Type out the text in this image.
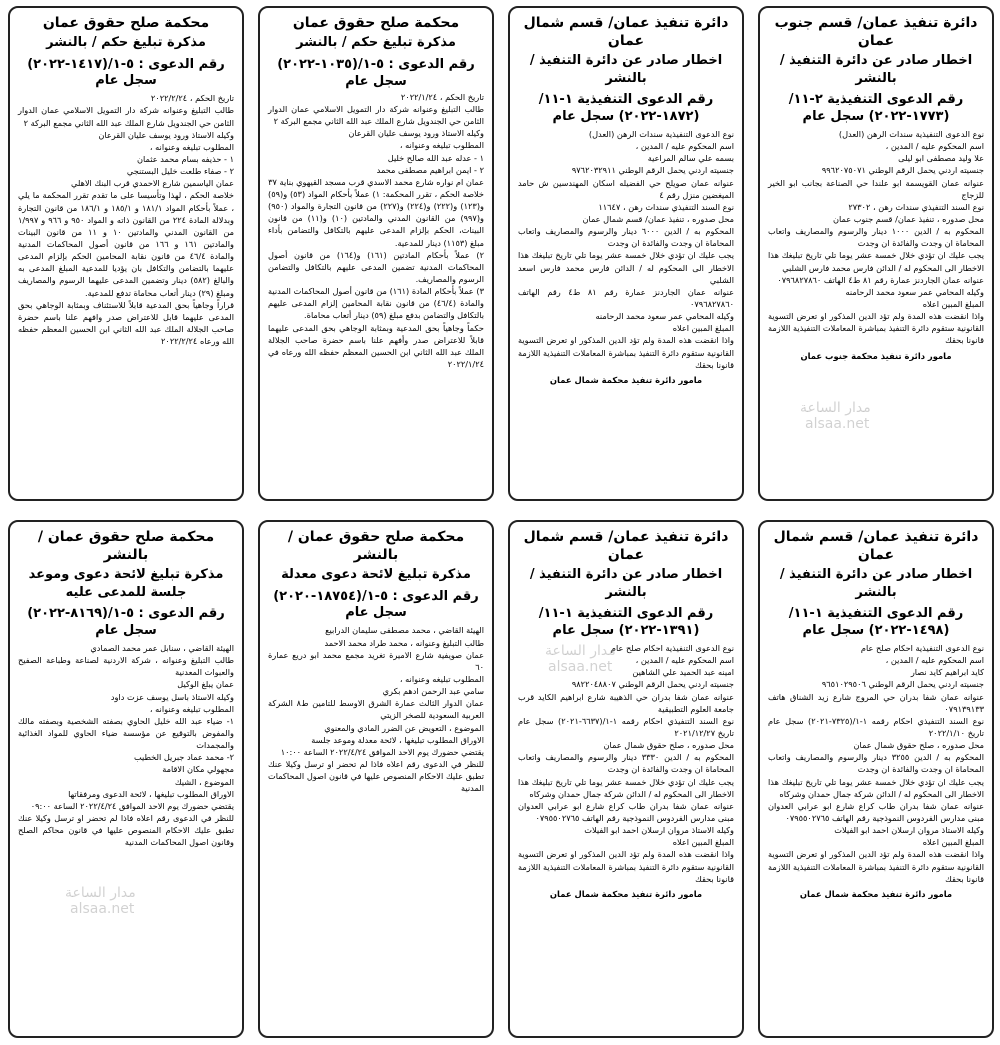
دائرة تنفيذ عمان/ قسم جنوب عمان
اخطار صادر عن دائرة التنفيذ / بالنشر
رقم الدعوى التنفيذية ٢-١١/
(١٧٧٣-٢٠٢٢) سجل عام
نوع الدعوى التنفيذية سندات الرهن (العدل)
اسم المحكوم عليه / المدين ،
علا وليد مصطفى ابو ليلى
جنسيته اردني يحمل الرقم الوطني ٩٩٦٢٠٧٥٠٧١
عنوانه عمان القويسمة ابو علندا حي الصناعة بجانب ابو الخير للزجاج
نوع السند التنفيذي سندات رهن ، ٢٧٣٠٢
محل صدوره ، تنفيذ عمان/ قسم جنوب عمان
المحكوم به / الدين ١٠٠٠ دينار والرسوم والمصاريف واتعاب المحاماة ان وجدت والفائدة ان وجدت
يجب عليك ان تؤدي خلال خمسة عشر يوما تلي تاريخ تبليغك هذا الاخطار الى المحكوم له / الدائن فارس محمد فارس الشلبي
عنوانه عمان الجاردنز عمارة رقم ٨١ ط٤ الهاتف ٠٧٩٦٨٢٧٨٦٠
وكيله المحامي عمر سعود محمد الرحامنه
المبلغ المبين اعلاه
واذا انقضت هذه المدة ولم تؤد الدين المذكور او تعرض التسوية القانونية ستقوم دائرة التنفيذ بمباشرة المعاملات التنفيذية اللازمة قانونا بحقك
مامور دائرة تنفيذ محكمة جنوب عمان
دائرة تنفيذ عمان/ قسم شمال عمان
اخطار صادر عن دائرة التنفيذ / بالنشر
رقم الدعوى التنفيذية ١-١١/
(١٨٧٢-٢٠٢٢) سجل عام
نوع الدعوى التنفيذية سندات الرهن (العدل)
اسم المحكوم عليه / المدين ،
بسمه علي سالم المراعية
جنسيته اردني يحمل الرقم الوطني ٩٧٦٢٠٣٢٩١١
عنوانه عمان صويلح حي الفضيله اسكان المهندسين ش حامد الميغضين منزل رقم ٤
نوع السند التنفيذي سندات رهن ، ١١٦٤٧
محل صدوره ، تنفيذ عمان/ قسم شمال عمان
المحكوم به / الدين ٦٠٠٠ دينار والرسوم والمصاريف واتعاب المحاماة ان وجدت والفائدة ان وجدت
يجب عليك ان تؤدي خلال خمسة عشر يوما تلي تاريخ تبليغك هذا الاخطار الى المحكوم له / الدائن فارس محمد فارس اسعد الشلبي
عنوانه عمان الجاردنز عمارة رقم ٨١ ط٤ رقم الهاتف ٠٧٩٦٨٢٧٨٦٠
وكيله المحامي عمر سعود محمد الرحامنه
المبلغ المبين اعلاه
واذا انقضت هذه المدة ولم تؤد الدين المذكور او تعرض التسوية القانونية ستقوم دائرة التنفيذ بمباشرة المعاملات التنفيذية اللازمة قانونا بحقك
مامور دائرة تنفيذ محكمة شمال عمان
محكمة صلح حقوق عمان
مذكرة تبليغ حكم / بالنشر
رقم الدعوى : ٥-١/(١٠٣٥-٢٠٢٢) سجل عام
تاريخ الحكم ، ٢٠٢٢/١/٢٤
طالب التبليغ وعنوانه شركة دار التمويل الاسلامي عمان الدوار الثامن حي الجندويل شارع الملك عبد الله الثاني مجمع البركة ٢
وكيله الاستاذ ورود يوسف عليان القرعان
المطلوب تبليغه وعنوانه ،
١ - عدله عبد الله صالح خليل
٢ - ايمن ابراهيم مصطفى محمد
عمان ام نواره شارع محمد الاسدي قرب مسجد القيهوي بناية ٣٧
خلاصة الحكم ، تقرر المحكمة: ١) عملاً بأحكام المواد (٥٣) و(٥٩) و(١٢٣) و(٢٢٢) و(٢٢٤) و(٢٢٧) من قانون التجارة والمواد (٩٥٠) و(٩٩٧) من القانون المدني والمادتين (١٠) و(١١) من قانون البينات، الحكم بإلزام المدعى عليهم بالتكافل والتضامن بأداء مبلغ (١١٥٣) دينار للمدعية.
٢) عملاً بأحكام المادتين (١٦١) و(١٦٤) من قانون أصول المحاكمات المدنية تضمين المدعى عليهم بالتكافل والتضامن الرسوم والمصاريف.
٣) عملاً بأحكام المادة (١٦١) من قانون أصول المحاكمات المدنية والمادة (٤٦/٤) من قانون نقابة المحامين إلزام المدعى عليهم بالتكافل والتضامن بدفع مبلغ (٥٩) دينار أتعاب محاماة.
حكماً وجاهياً بحق المدعية وبمثابة الوجاهي بحق المدعى عليهما قابلاً للاعتراض صدر وأفهم علنا باسم حضرة صاحب الجلالة الملك عبد الله الثاني ابن الحسين المعظم حفظه الله ورعاه في ٢٠٢٢/١/٢٤
محكمة صلح حقوق عمان
مذكرة تبليغ حكم / بالنشر
رقم الدعوى : ٥-١/(١٤١٧-٢٠٢٢)
سجل عام
تاريخ الحكم ، ٢٠٢٢/٢/٢٤
طالب التبليغ وعنوانه شركة دار التمويل الاسلامي عمان الدوار الثامن حي الجندويل شارع الملك عبد الله الثاني مجمع البركة ٢
وكيله الاستاذ ورود يوسف عليان القرعان
المطلوب تبليغه وعنوانه ،
١ - حذيفه بسام محمد عثمان
٢ - صفاء طلعت خليل البستنجي
عمان الياسمين شارع الاحمدي قرب البنك الاهلي
خلاصة الحكم ، لهذا وتأسيسا على ما تقدم تقرر المحكمة ما يلي ، عملاً بأحكام المواد ١٨١/١ و ١٨٥/١ و ١٨٦/١ من قانون التجارة وبدلالة المادة ٢٢٤ من القانون ذاته و المواد ٩٥٠ و ٩٦٦ و ١/٩٩٧ من القانون المدني والمادتين ١٠ و ١١ من قانون البينات والمادتين ١٦١ و ١٦٦ من قانون أصول المحاكمات المدنية والمادة ٤٦/٤ من قانون نقابة المحامين الحكم بإلزام المدعى عليهما بالتضامن والتكافل بان يؤديا للمدعية المبلغ المدعى به والبالغ (٥٨٢) دينار وتضمين المدعى عليهما الرسوم والمصاريف ومبلغ (٢٩) دينار أتعاب محاماة تدفع للمدعية.
قراراً وجاهياً بحق المدعية قابلاً للاستئناف وبمثابة الوجاهي بحق المدعى عليهما قابل للاعتراض صدر وافهم علنا باسم حضرة صاحب الجلالة الملك عبد الله الثاني ابن الحسين المعظم حفظه الله ورعاه ٢٠٢٢/٢/٢٤
دائرة تنفيذ عمان/ قسم شمال عمان
اخطار صادر عن دائرة التنفيذ / بالنشر
رقم الدعوى التنفيذية ١-١١/
(١٤٩٨-٢٠٢٢) سجل عام
نوع الدعوى التنفيذية احكام صلح عام
اسم المحكوم عليه / المدين ،
كايد ابراهيم كايد نصار
جنسيته اردني يحمل الرقم الوطني ٩٦٥١٠٢٩٥٠٦
عنوانه عمان شفا بدران حي المروج شارع زيد الشناق هاتف ٠٧٩١٣٩١٣٣
نوع السند التنفيذي احكام رقمه ١-١/(٧٣٢٥-٢٠٢١) سجل عام تاريخ ٢٠٢٢/١/١٠
محل صدوره ، صلح حقوق شمال عمان
المحكوم به / الدين ٣٢٥٥ دينار والرسوم والمصاريف واتعاب المحاماة ان وجدت والفائدة ان وجدت
يجب عليك ان تؤدي خلال خمسة عشر يوما تلي تاريخ تبليغك هذا الاخطار الى المحكوم له / الدائن شركة جمال حمدان وشركاه
عنوانه عمان شفا بدران طاب كراع شارع ابو عرابي العدوان مبنى مدارس الفردوس النموذجية رقم الهاتف ٠٧٩٥٥٠٢٧٦٥
وكيله الاستاذ مروان ارسلان احمد ابو الفيلات
المبلغ المبين اعلاه
واذا انقضت هذه المدة ولم تؤد الدين المذكور او تعرض التسوية القانونية ستقوم دائرة التنفيذ بمباشرة المعاملات التنفيذية اللازمة قانونا بحقك
مامور دائرة تنفيذ محكمة شمال عمان
دائرة تنفيذ عمان/ قسم شمال عمان
اخطار صادر عن دائرة التنفيذ / بالنشر
رقم الدعوى التنفيذية ١-١١/
(١٣٩١-٢٠٢٢) سجل عام
نوع الدعوى التنفيذية احكام صلح عام
اسم المحكوم عليه / المدين ،
امينه عبد الحميد علي الشاهين
جنسيته اردني يحمل الرقم الوطني ٩٨٢٢٠٤٨٨٠٧
عنوانه عمان شفا بدران حي الذهيبة شارع ابراهيم الكايد قرب جامعة العلوم التطبيقية
نوع السند التنفيذي احكام رقمه ١-١/(٦٦٣٧-٢٠٢١) سجل عام تاريخ ٢٠٢١/١٢/٢٧
محل صدوره ، صلح حقوق شمال عمان
المحكوم به / الدين ٣٣٣٠ دينار والرسوم والمصاريف واتعاب المحاماة ان وجدت والفائدة ان وجدت
يجب عليك ان تؤدي خلال خمسة عشر يوما تلي تاريخ تبليغك هذا الاخطار الى المحكوم له / الدائن شركة جمال حمدان وشركاه
عنوانه عمان شفا بدران طاب كراع شارع ابو عرابي العدوان مبنى مدارس الفردوس النموذجية رقم الهاتف ٠٧٩٥٥٠٢٧٦٥
وكيله الاستاذ مروان ارسلان احمد ابو الفيلات
المبلغ المبين اعلاه
واذا انقضت هذه المدة ولم تؤد الدين المذكور او تعرض التسوية القانونية ستقوم دائرة التنفيذ بمباشرة المعاملات التنفيذية اللازمة قانونا بحقك
مامور دائرة تنفيذ محكمة شمال عمان
محكمة صلح حقوق عمان / بالنشر
مذكرة تبليغ لائحة دعوى معدلة
رقم الدعوى : ٥-١/(١٨٧٥٤-٢٠٢٠)
سجل عام
الهيئة القاضي ، محمد مصطفى سليمان الدرابيع
طالب التبليغ وعنوانه ، محمد طراد محمد الاحمد
عمان صويفية شارع الاميرة تغريد مجمع محمد ابو دريع عمارة ٦٠
المطلوب تبليغه وعنوانه ،
سامي عبد الرحمن ادهم بكري
عمان الدوار الثالث عمارة الشرق الاوسط للتامين ط٨ الشركة العربية السعودية للصخر الزيتي
الموضوع ، التعويض عن الضرر المادي والمعنوي
الاوراق المطلوب تبليغها ، لائحة معدلة وموعد جلسة
يقتضي حضورك يوم الاحد الموافق ٢٠٢٢/٤/٢٤ الساعة ١٠:٠٠
للنظر في الدعوى رقم اعلاه فاذا لم تحضر او ترسل وكيلا عنك تطبق عليك الاحكام المنصوص عليها في قانون اصول المحاكمات المدنية
محكمة صلح حقوق عمان / بالنشر
مذكرة تبليغ لائحة دعوى وموعد جلسة للمدعى عليه
رقم الدعوى : ٥-١/(٨١٦٩-٢٠٢٢)
سجل عام
الهيئة القاضي ، سنابل عمر محمد الصمادي
طالب التبليغ وعنوانه ، شركة الاردنية لصناعة وطباعة الصفيح والعبوات المعدنية
عمان يبلغ الوكيل
وكيله الاستاذ باسل يوسف عزت داود
المطلوب تبليغه وعنوانه ،
١- ضياء عبد الله خليل الحاوي بصفته الشخصية وبصفته مالك والمفوض بالتوقيع عن مؤسسة ضياء الحاوي للمواد الغذائية والمجمدات
٢- محمد عماد جبريل الخطيب
مجهولي مكان الاقامة
الموضوع ، الشيك
الاوراق المطلوب تبليغها ، لائحة الدعوى ومرفقاتها
يقتضي حضورك يوم الاحد الموافق ٢٠٢٢/٤/٢٤ الساعة ٠٩:٠٠
للنظر في الدعوى رقم اعلاه فاذا لم تحضر او ترسل وكيلا عنك تطبق عليك الاحكام المنصوص عليها في قانون محاكم الصلح وقانون اصول المحاكمات المدنية
